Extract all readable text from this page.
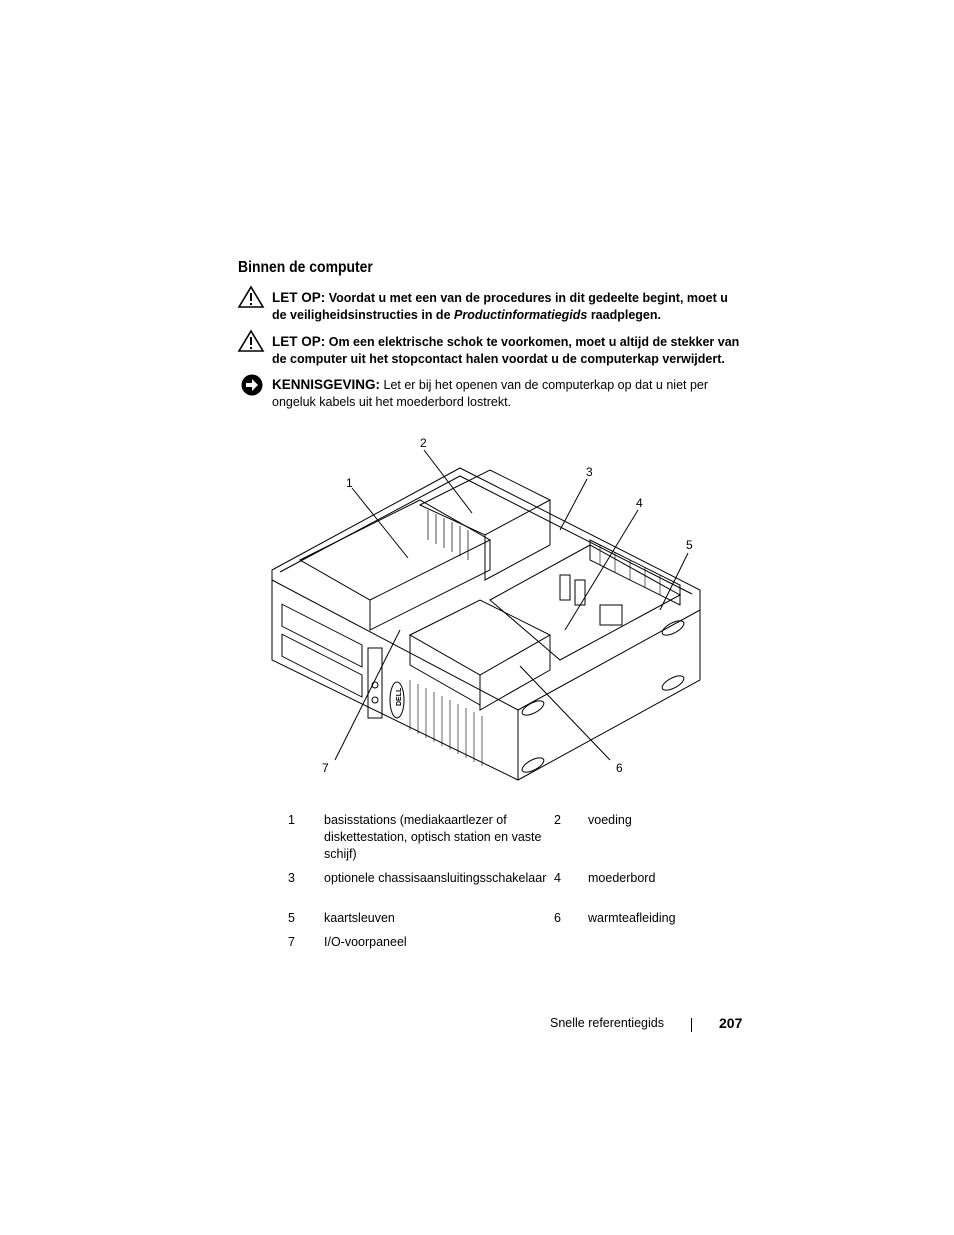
Binnen de computer
LET OP: Voordat u met een van de procedures in dit gedeelte begint, moet u de veiligheidsinstructies in de Productinformatiegids raadplegen.
LET OP: Om een elektrische schok te voorkomen, moet u altijd de stekker van de computer uit het stopcontact halen voordat u de computerkap verwijdert.
KENNISGEVING: Let er bij het openen van de computerkap op dat u niet per ongeluk kabels uit het moederbord lostrekt.
DELL
1
2
3
4
5
6
7
1	basisstations (mediakaartlezer of diskettestation, optisch station en vaste schijf)	2	voeding
3	optionele chassisaansluitingsschakelaar	4	moederbord
5	kaartsleuven	6	warmteafleiding
7	I/O-voorpaneel		
Snelle referentiegids	207
